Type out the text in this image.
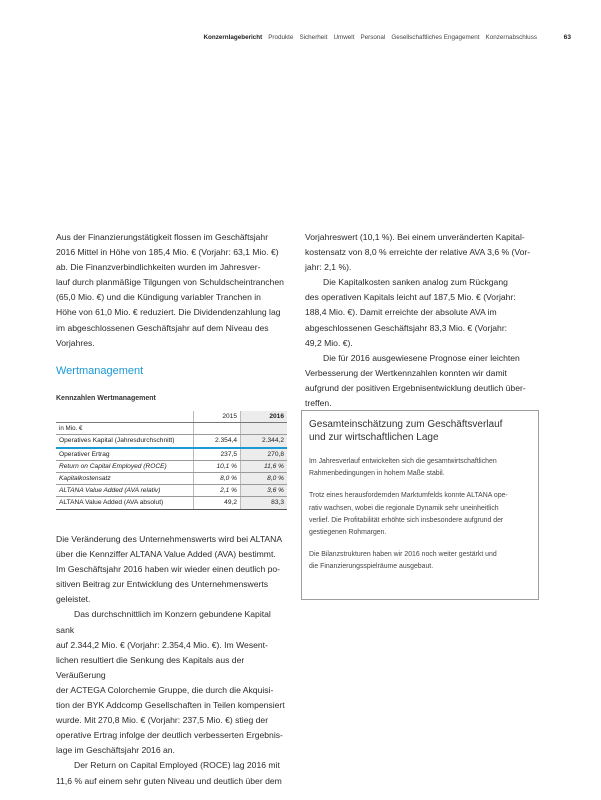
Konzernlagebericht Produkte Sicherheit Umwelt Personal Gesellschaftliches Engagement Konzernabschluss	63

Aus der Finanzierungstätigkeit flossen im Geschäftsjahr
2016 Mittel in Höhe von 185,4 Mio. € (Vorjahr: 63,1 Mio. €)
ab. Die Finanzverbindlichkeiten wurden im Jahresver-
lauf durch planmäßige Tilgungen von Schuldscheintranchen
(65,0 Mio. €) und die Kündigung variabler Tranchen in
Höhe von 61,0 Mio. € reduziert. Die Dividendenzahlung lag
im abgeschlossenen Geschäftsjahr auf dem Niveau des
Vorjahres.

Wertmanagement
Kennzahlen Wertmanagement
	2015	2016
in Mio. €		
Operatives Kapital (Jahresdurchschnitt)	2.354,4	2.344,2
Operativer Ertrag	237,5	270,8
Return on Capital Employed (ROCE)	10,1 %	11,6 %
Kapitalkostensatz	8,0 %	8,0 %
ALTANA Value Added (AVA relativ)	2,1 %	3,6 %
ALTANA Value Added (AVA absolut)	49,2	83,3

Die Veränderung des Unternehmenswerts wird bei ALTANA
über die Kennziffer ALTANA Value Added (AVA) bestimmt.
Im Geschäftsjahr 2016 haben wir wieder einen deutlich po-
sitiven Beitrag zur Entwicklung des Unternehmenswerts
geleistet.

Das durchschnittlich im Konzern gebundene Kapital sank
auf 2.344,2 Mio. € (Vorjahr: 2.354,4 Mio. €). Im Wesent-
lichen resultiert die Senkung des Kapitals aus der Veräußerung
der ACTEGA Colorchemie Gruppe, die durch die Akquisi-
tion der BYK Addcomp Gesellschaften in Teilen kompensiert
wurde. Mit 270,8 Mio. € (Vorjahr: 237,5 Mio. €) stieg der
operative Ertrag infolge der deutlich verbesserten Ergebnis-
lage im Geschäftsjahr 2016 an.

Der Return on Capital Employed (ROCE) lag 2016 mit
11,6 % auf einem sehr guten Niveau und deutlich über dem

Vorjahreswert (10,1 %). Bei einem unveränderten Kapital-
kostensatz von 8,0 % erreichte der relative AVA 3,6 % (Vor-
jahr: 2,1 %).

Die Kapitalkosten sanken analog zum Rückgang
des operativen Kapitals leicht auf 187,5 Mio. € (Vorjahr:
188,4 Mio. €). Damit erreichte der absolute AVA im
abgeschlossenen Geschäftsjahr 83,3 Mio. € (Vorjahr:
49,2 Mio. €).

Die für 2016 ausgewiesene Prognose einer leichten
Verbesserung der Wertkennzahlen konnten wir damit
aufgrund der positiven Ergebnisentwicklung deutlich über-
treffen.

Gesamteinschätzung zum Geschäftsverlauf
und zur wirtschaftlichen Lage

Im Jahresverlauf entwickelten sich die gesamtwirtschaftlichen
Rahmenbedingungen in hohem Maße stabil.

Trotz eines herausfordernden Marktumfelds konnte ALTANA ope-
rativ wachsen, wobei die regionale Dynamik sehr uneinheitlich
verlief. Die Profitabilität erhöhte sich insbesondere aufgrund der
gestiegenen Rohmargen.

Die Bilanzstrukturen haben wir 2016 noch weiter gestärkt und
die Finanzierungsspielräume ausgebaut.
